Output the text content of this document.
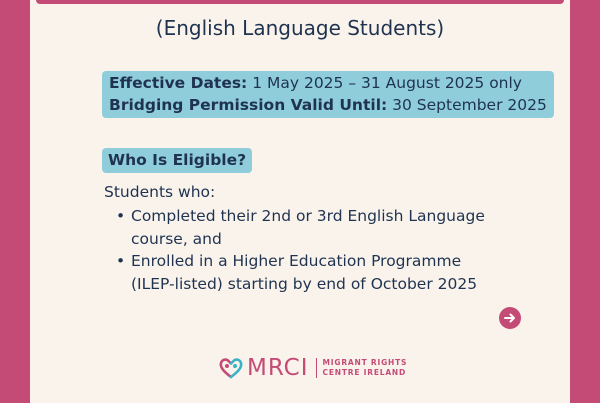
(English Language Students)
Effective Dates: 1 May 2025 – 31 August 2025 only
Bridging Permission Valid Until: 30 September 2025
Who Is Eligible?
Students who:
• Completed their 2nd or 3rd English Language course, and
• Enrolled in a Higher Education Programme (ILEP-listed) starting by end of October 2025
MRCI MIGRANT RIGHTS
CENTRE IRELAND
